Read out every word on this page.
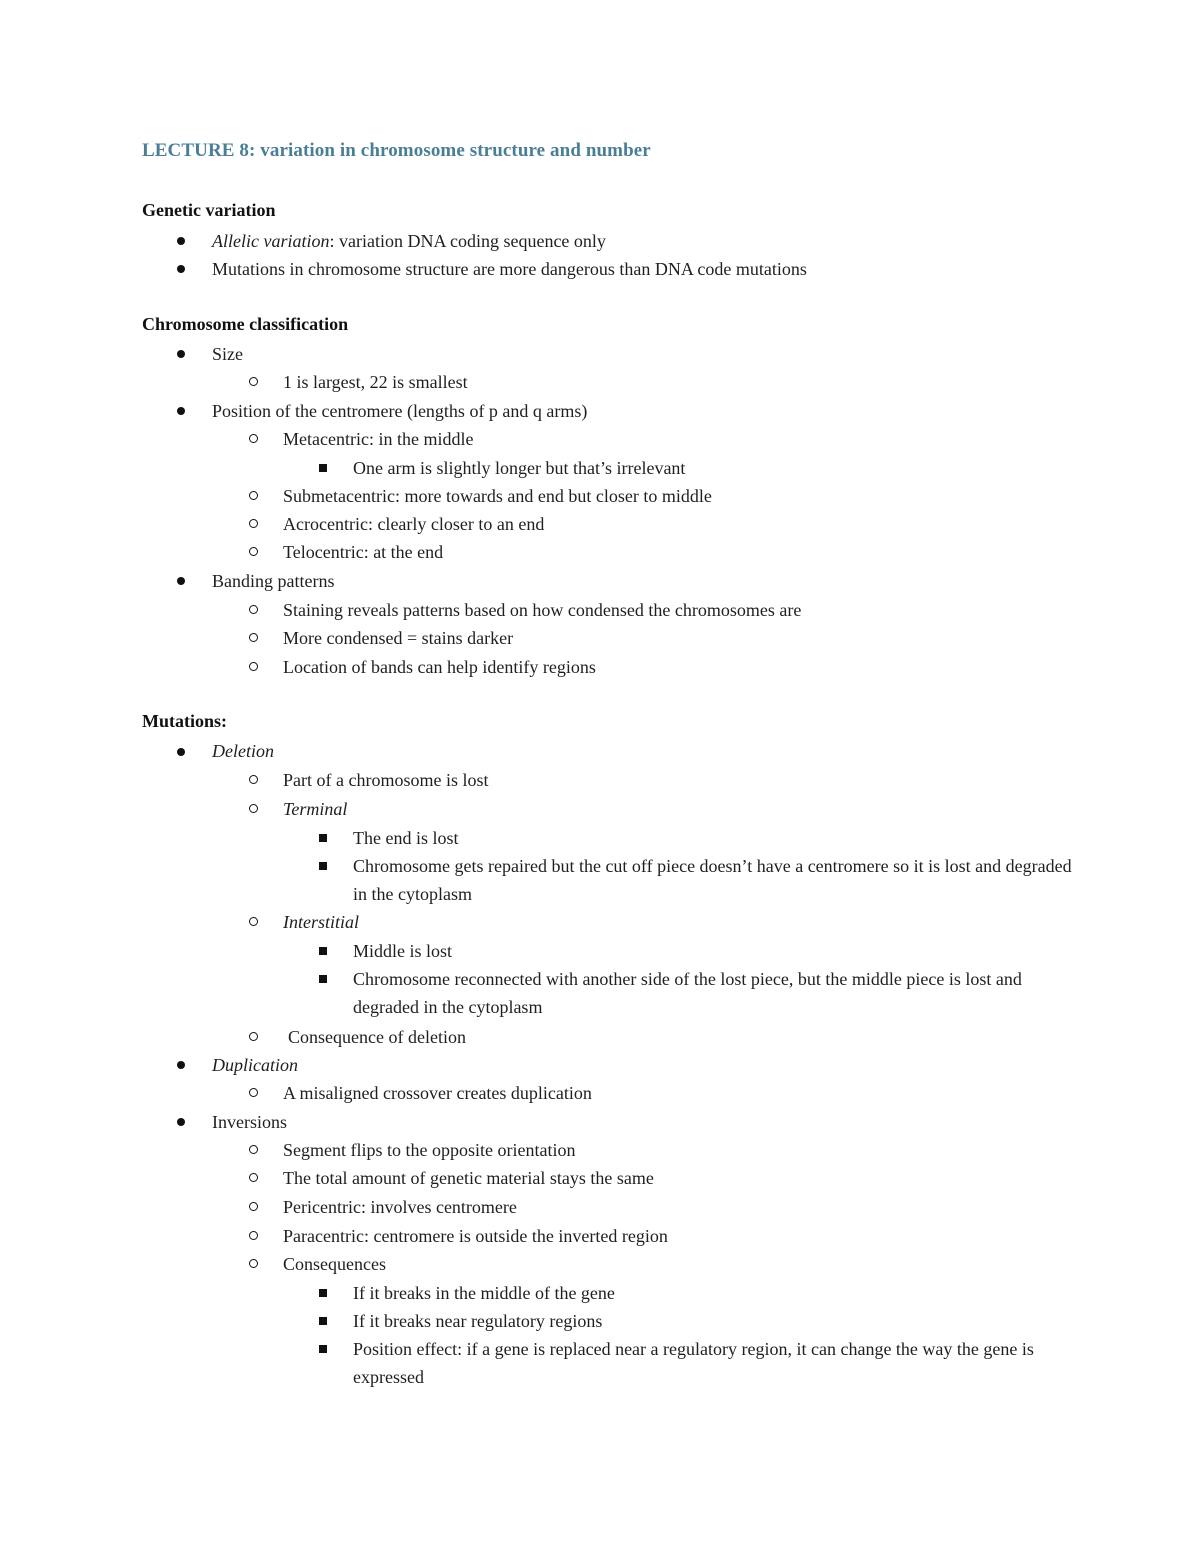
LECTURE 8: variation in chromosome structure and number
Genetic variation
Allelic variation: variation DNA coding sequence only
Mutations in chromosome structure are more dangerous than DNA code mutations
Chromosome classification
Size
1 is largest, 22 is smallest
Position of the centromere (lengths of p and q arms)
Metacentric: in the middle
One arm is slightly longer but that’s irrelevant
Submetacentric: more towards and end but closer to middle
Acrocentric: clearly closer to an end
Telocentric: at the end
Banding patterns
Staining reveals patterns based on how condensed the chromosomes are
More condensed = stains darker
Location of bands can help identify regions
Mutations:
Deletion
Part of a chromosome is lost
Terminal
The end is lost
Chromosome gets repaired but the cut off piece doesn’t have a centromere so it is lost and degraded in the cytoplasm
Interstitial
Middle is lost
Chromosome reconnected with another side of the lost piece, but the middle piece is lost and degraded in the cytoplasm
Consequence of deletion
Duplication
A misaligned crossover creates duplication
Inversions
Segment flips to the opposite orientation
The total amount of genetic material stays the same
Pericentric: involves centromere
Paracentric: centromere is outside the inverted region
Consequences
If it breaks in the middle of the gene
If it breaks near regulatory regions
Position effect: if a gene is replaced near a regulatory region, it can change the way the gene is expressed
